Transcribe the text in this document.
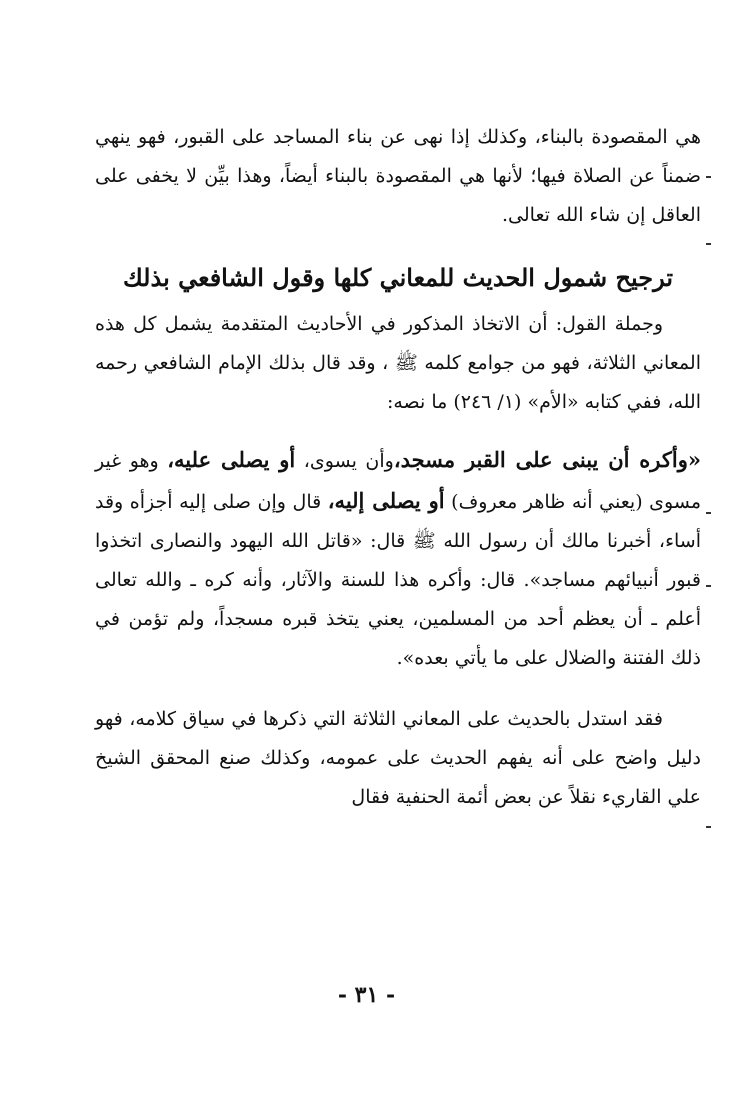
هي المقصودة بالبناء، وكذلك إذا نهى عن بناء المساجد على القبور، فهو ينهي ضمناً عن الصلاة فيها؛ لأنها هي المقصودة بالبناء أيضاً، وهذا بيِّن لا يخفى على العاقل إن شاء الله تعالى.

ترجيح شمول الحديث للمعاني كلها وقول الشافعي بذلك

وجملة القول: أن الاتخاذ المذكور في الأحاديث المتقدمة يشمل كل هذه المعاني الثلاثة، فهو من جوامع كلمه ﷺ ، وقد قال بذلك الإمام الشافعي رحمه الله، ففي كتابه «الأم» (١/ ٢٤٦) ما نصه:

«وأكره أن يبنى على القبر مسجد،وأن يسوى، أو يصلى عليه، وهو غير مسوى (يعني أنه ظاهر معروف) أو يصلى إليه، قال وإن صلى إليه أجزأه وقد أساء، أخبرنا مالك أن رسول الله ﷺ قال: «قاتل الله اليهود والنصارى اتخذوا قبور أنبيائهم مساجد». قال: وأكره هذا للسنة والآثار، وأنه كره ـ والله تعالى أعلم ـ أن يعظم أحد من المسلمين، يعني يتخذ قبره مسجداً، ولم تؤمن في ذلك الفتنة والضلال على ما يأتي بعده».

فقد استدل بالحديث على المعاني الثلاثة التي ذكرها في سياق كلامه، فهو دليل واضح على أنه يفهم الحديث على عمومه، وكذلك صنع المحقق الشيخ علي القاريء نقلاً عن بعض أئمة الحنفية فقال

- ٣١ -
